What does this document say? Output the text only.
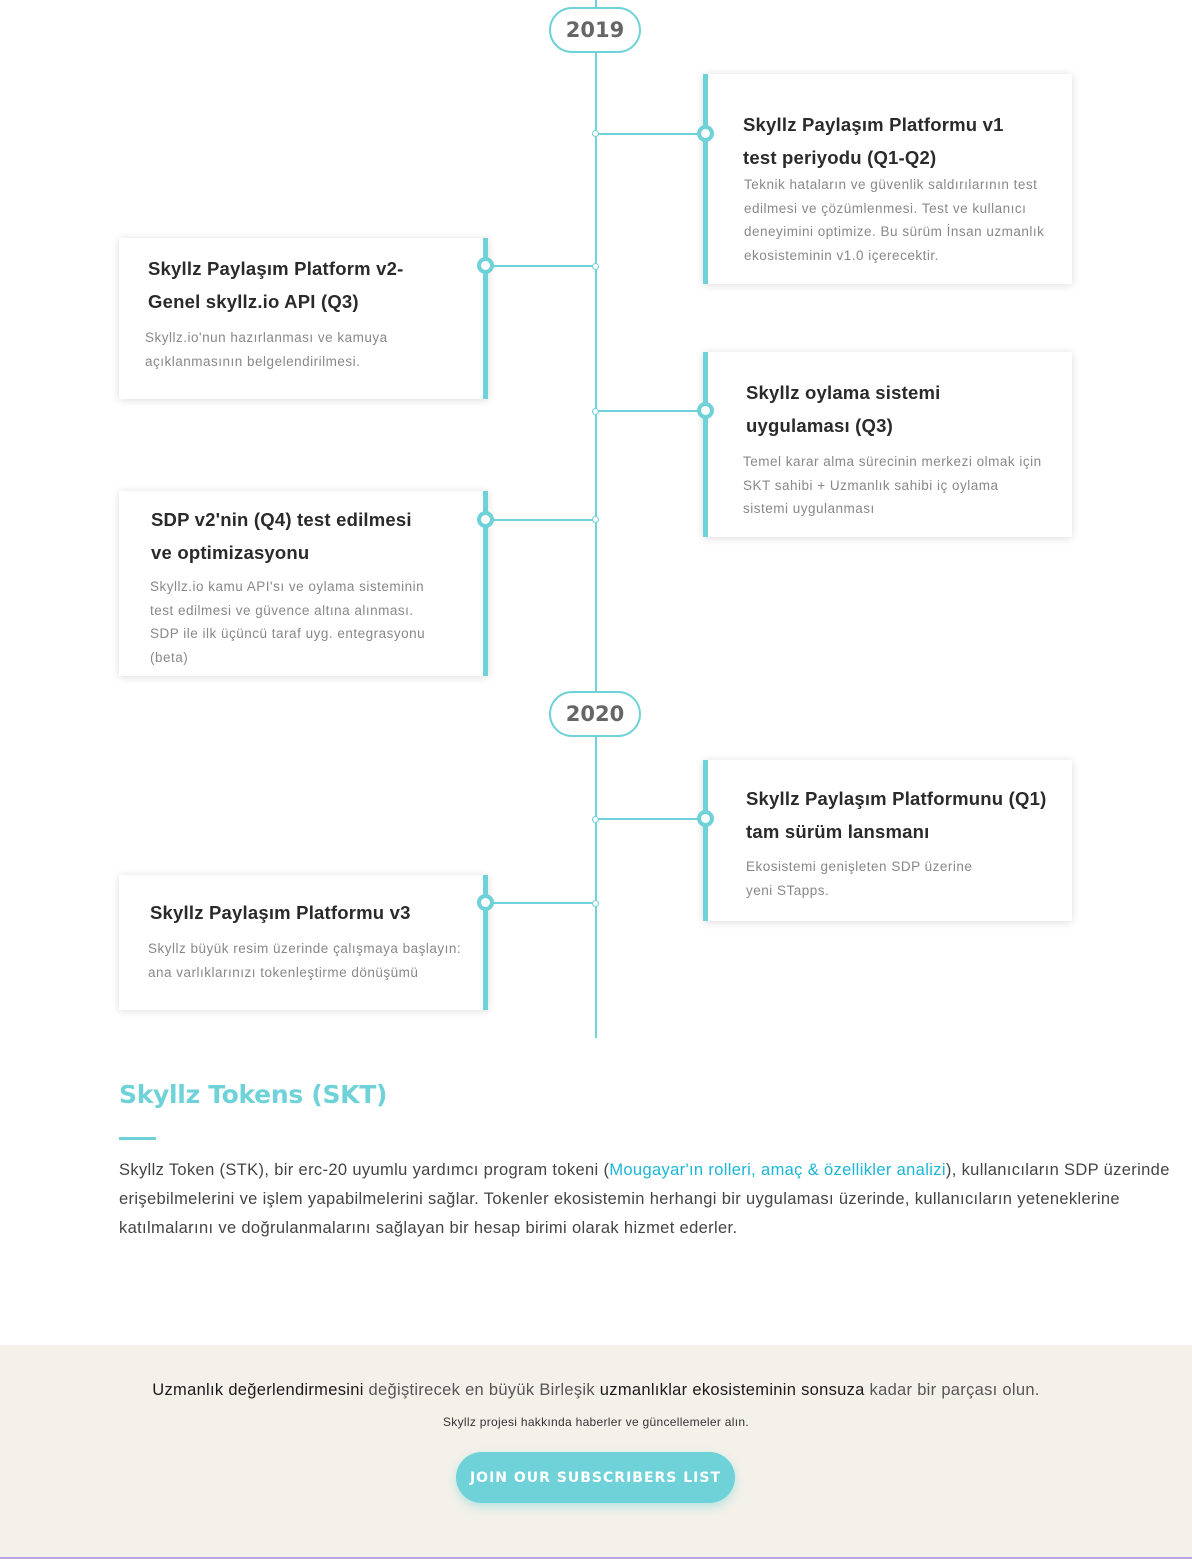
2019
2020
Skyllz Paylaşım Platformu v1
test periyodu (Q1-Q2)
Teknik hataların ve güvenlik saldırılarının test
edilmesi ve çözümlenmesi. Test ve kullanıcı
deneyimini optimize. Bu sürüm İnsan uzmanlık
ekosisteminin v1.0 içerecektir.
Skyllz Paylaşım Platform v2-
Genel skyllz.io API (Q3)
Skyllz.io'nun hazırlanması ve kamuya
açıklanmasının belgelendirilmesi.
Skyllz oylama sistemi
uygulaması (Q3)
Temel karar alma sürecinin merkezi olmak için
SKT sahibi + Uzmanlık sahibi iç oylama
sistemi uygulanması
SDP v2'nin (Q4) test edilmesi
ve optimizasyonu
Skyllz.io kamu API'sı ve oylama sisteminin
test edilmesi ve güvence altına alınması.
SDP ile ilk üçüncü taraf uyg. entegrasyonu
(beta)
Skyllz Paylaşım Platformunu (Q1)
tam sürüm lansmanı
Ekosistemi genişleten SDP üzerine
yeni STapps.
Skyllz Paylaşım Platformu v3
Skyllz büyük resim üzerinde çalışmaya başlayın:
ana varlıklarınızı tokenleştirme dönüşümü
Skyllz Tokens (SKT)
Skyllz Token (STK), bir erc-20 uyumlu yardımcı program tokeni (Mougayar'ın rolleri, amaç & özellikler analizi), kullanıcıların SDP üzerinde erişebilmelerini ve işlem yapabilmelerini sağlar. Tokenler ekosistemin herhangi bir uygulaması üzerinde, kullanıcıların yeteneklerine katılmalarını ve doğrulanmalarını sağlayan bir hesap birimi olarak hizmet ederler.
Uzmanlık değerlendirmesini değiştirecek en büyük Birleşik uzmanlıklar ekosisteminin sonsuza kadar bir parçası olun.
Skyllz projesi hakkında haberler ve güncellemeler alın.
JOIN OUR SUBSCRIBERS LIST
